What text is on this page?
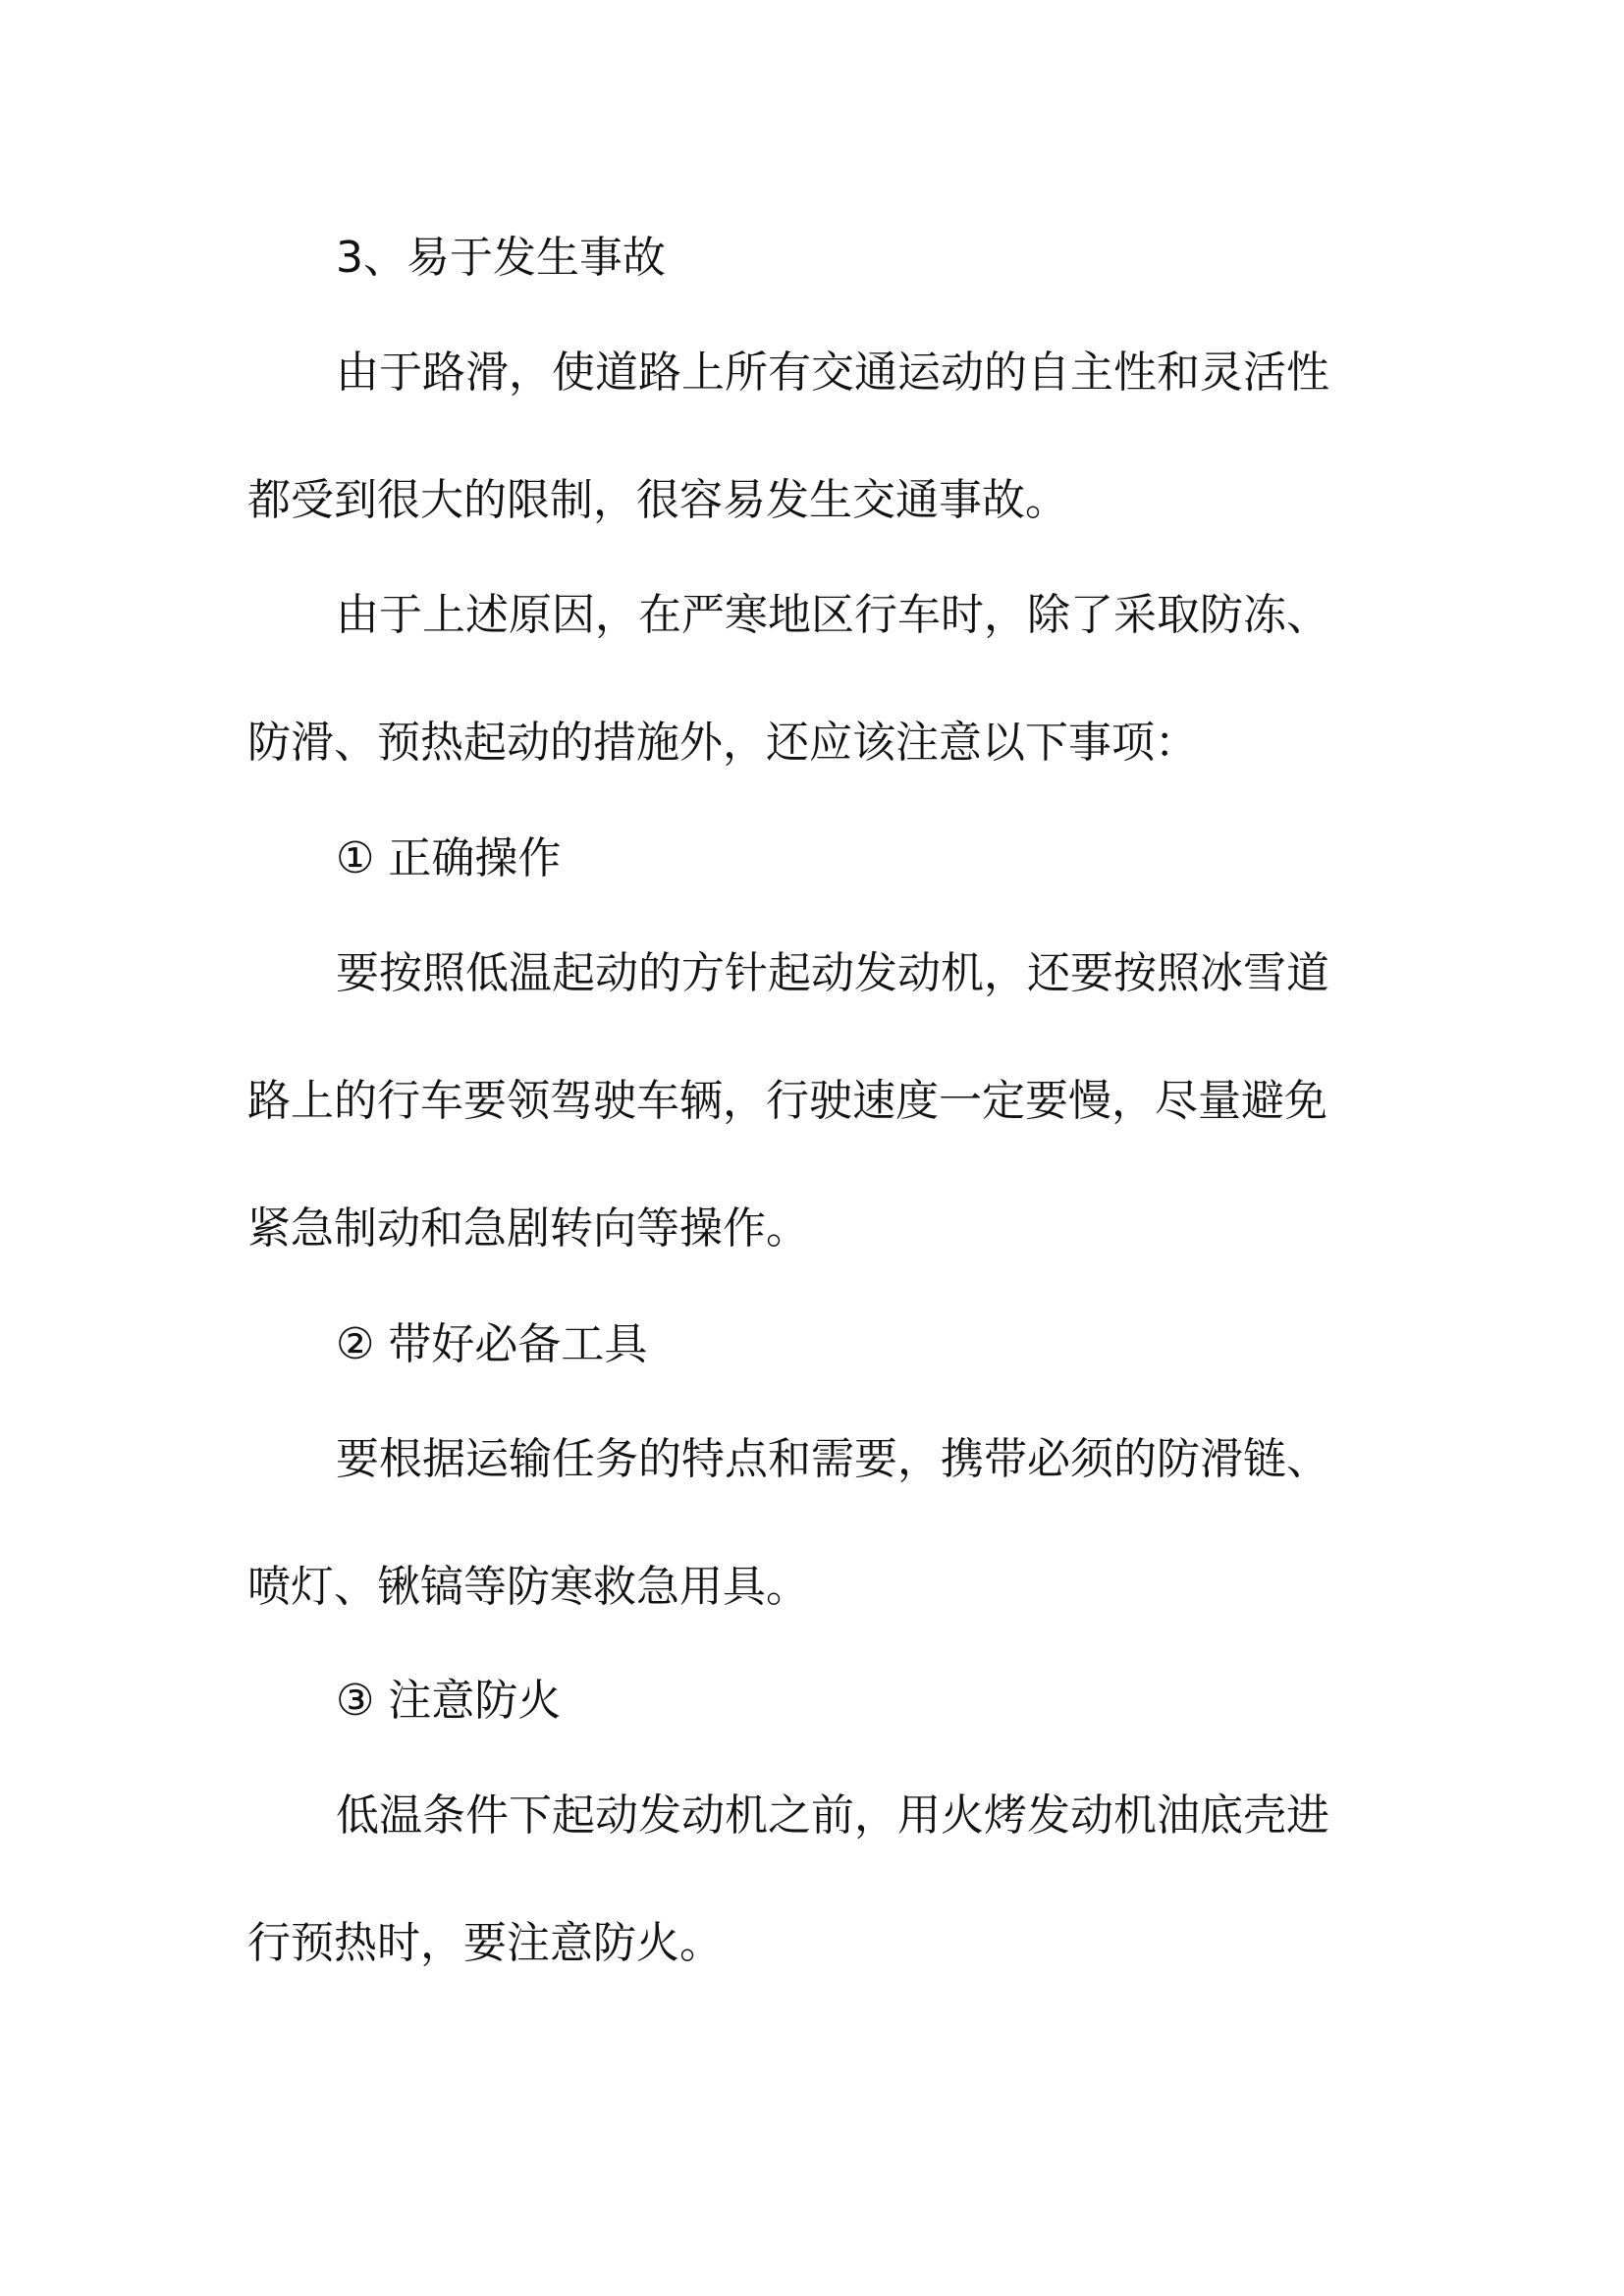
3、易于发生事故
由于路滑，使道路上所有交通运动的自主性和灵活性
都受到很大的限制，很容易发生交通事故。
由于上述原因，在严寒地区行车时，除了采取防冻、
防滑、预热起动的措施外，还应该注意以下事项：
① 正确操作
要按照低温起动的方针起动发动机，还要按照冰雪道
路上的行车要领驾驶车辆，行驶速度一定要慢，尽量避免
紧急制动和急剧转向等操作。
② 带好必备工具
要根据运输任务的特点和需要，携带必须的防滑链、
喷灯、锹镐等防寒救急用具。
③ 注意防火
低温条件下起动发动机之前，用火烤发动机油底壳进
行预热时，要注意防火。
